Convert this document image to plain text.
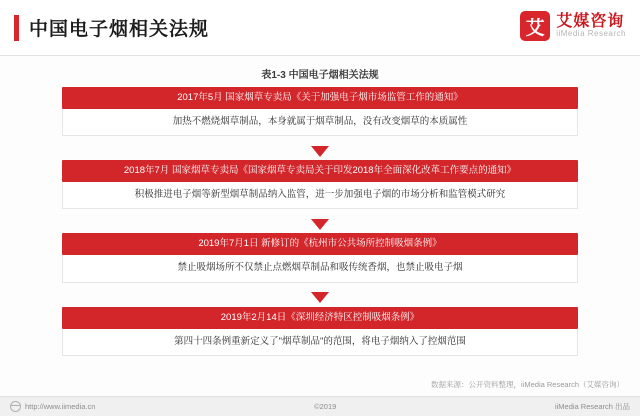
中国电子烟相关法规	艾 艾媒咨询
iiMedia Research
表1-3 中国电子烟相关法规
2017年5月 国家烟草专卖局《关于加强电子烟市场监管工作的通知》
加热不燃烧烟草制品，本身就属于烟草制品，没有改变烟草的本质属性
2018年7月 国家烟草专卖局《国家烟草专卖局关于印发2018年全面深化改革工作要点的通知》
积极推进电子烟等新型烟草制品纳入监管，进一步加强电子烟的市场分析和监管模式研究
2019年7月1日 新修订的《杭州市公共场所控制吸烟条例》
禁止吸烟场所不仅禁止点燃烟草制品和吸传统香烟，也禁止吸电子烟
2019年2月14日《深圳经济特区控制吸烟条例》
第四十四条例重新定义了"烟草制品"的范围，将电子烟纳入了控烟范围
数据来源：公开资料整理，iiMedia Research（艾媒咨询）
http://www.iimedia.cn	©2019	iiMedia Research 出品
